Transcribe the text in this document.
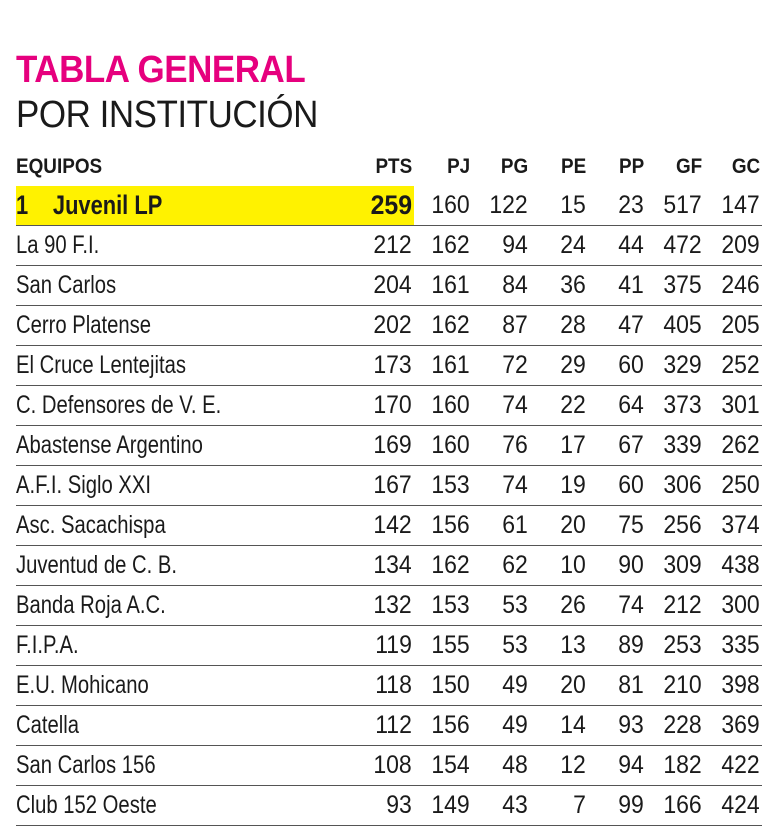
TABLA GENERAL
POR INSTITUCIÓN
EQUIPOS	PTS	PJ	PG	PE	PP	GF	GC
1 Juvenil LP	259	160	122	15	23	517	147
La 90 F.I.	212	162	94	24	44	472	209
San Carlos	204	161	84	36	41	375	246
Cerro Platense	202	162	87	28	47	405	205
El Cruce Lentejitas	173	161	72	29	60	329	252
C. Defensores de V. E.	170	160	74	22	64	373	301
Abastense Argentino	169	160	76	17	67	339	262
A.F.I. Siglo XXI	167	153	74	19	60	306	250
Asc. Sacachispa	142	156	61	20	75	256	374
Juventud de C. B.	134	162	62	10	90	309	438
Banda Roja A.C.	132	153	53	26	74	212	300
F.I.P.A.	119	155	53	13	89	253	335
E.U. Mohicano	118	150	49	20	81	210	398
Catella	112	156	49	14	93	228	369
San Carlos 156	108	154	48	12	94	182	422
Club 152 Oeste	93	149	43	7	99	166	424
